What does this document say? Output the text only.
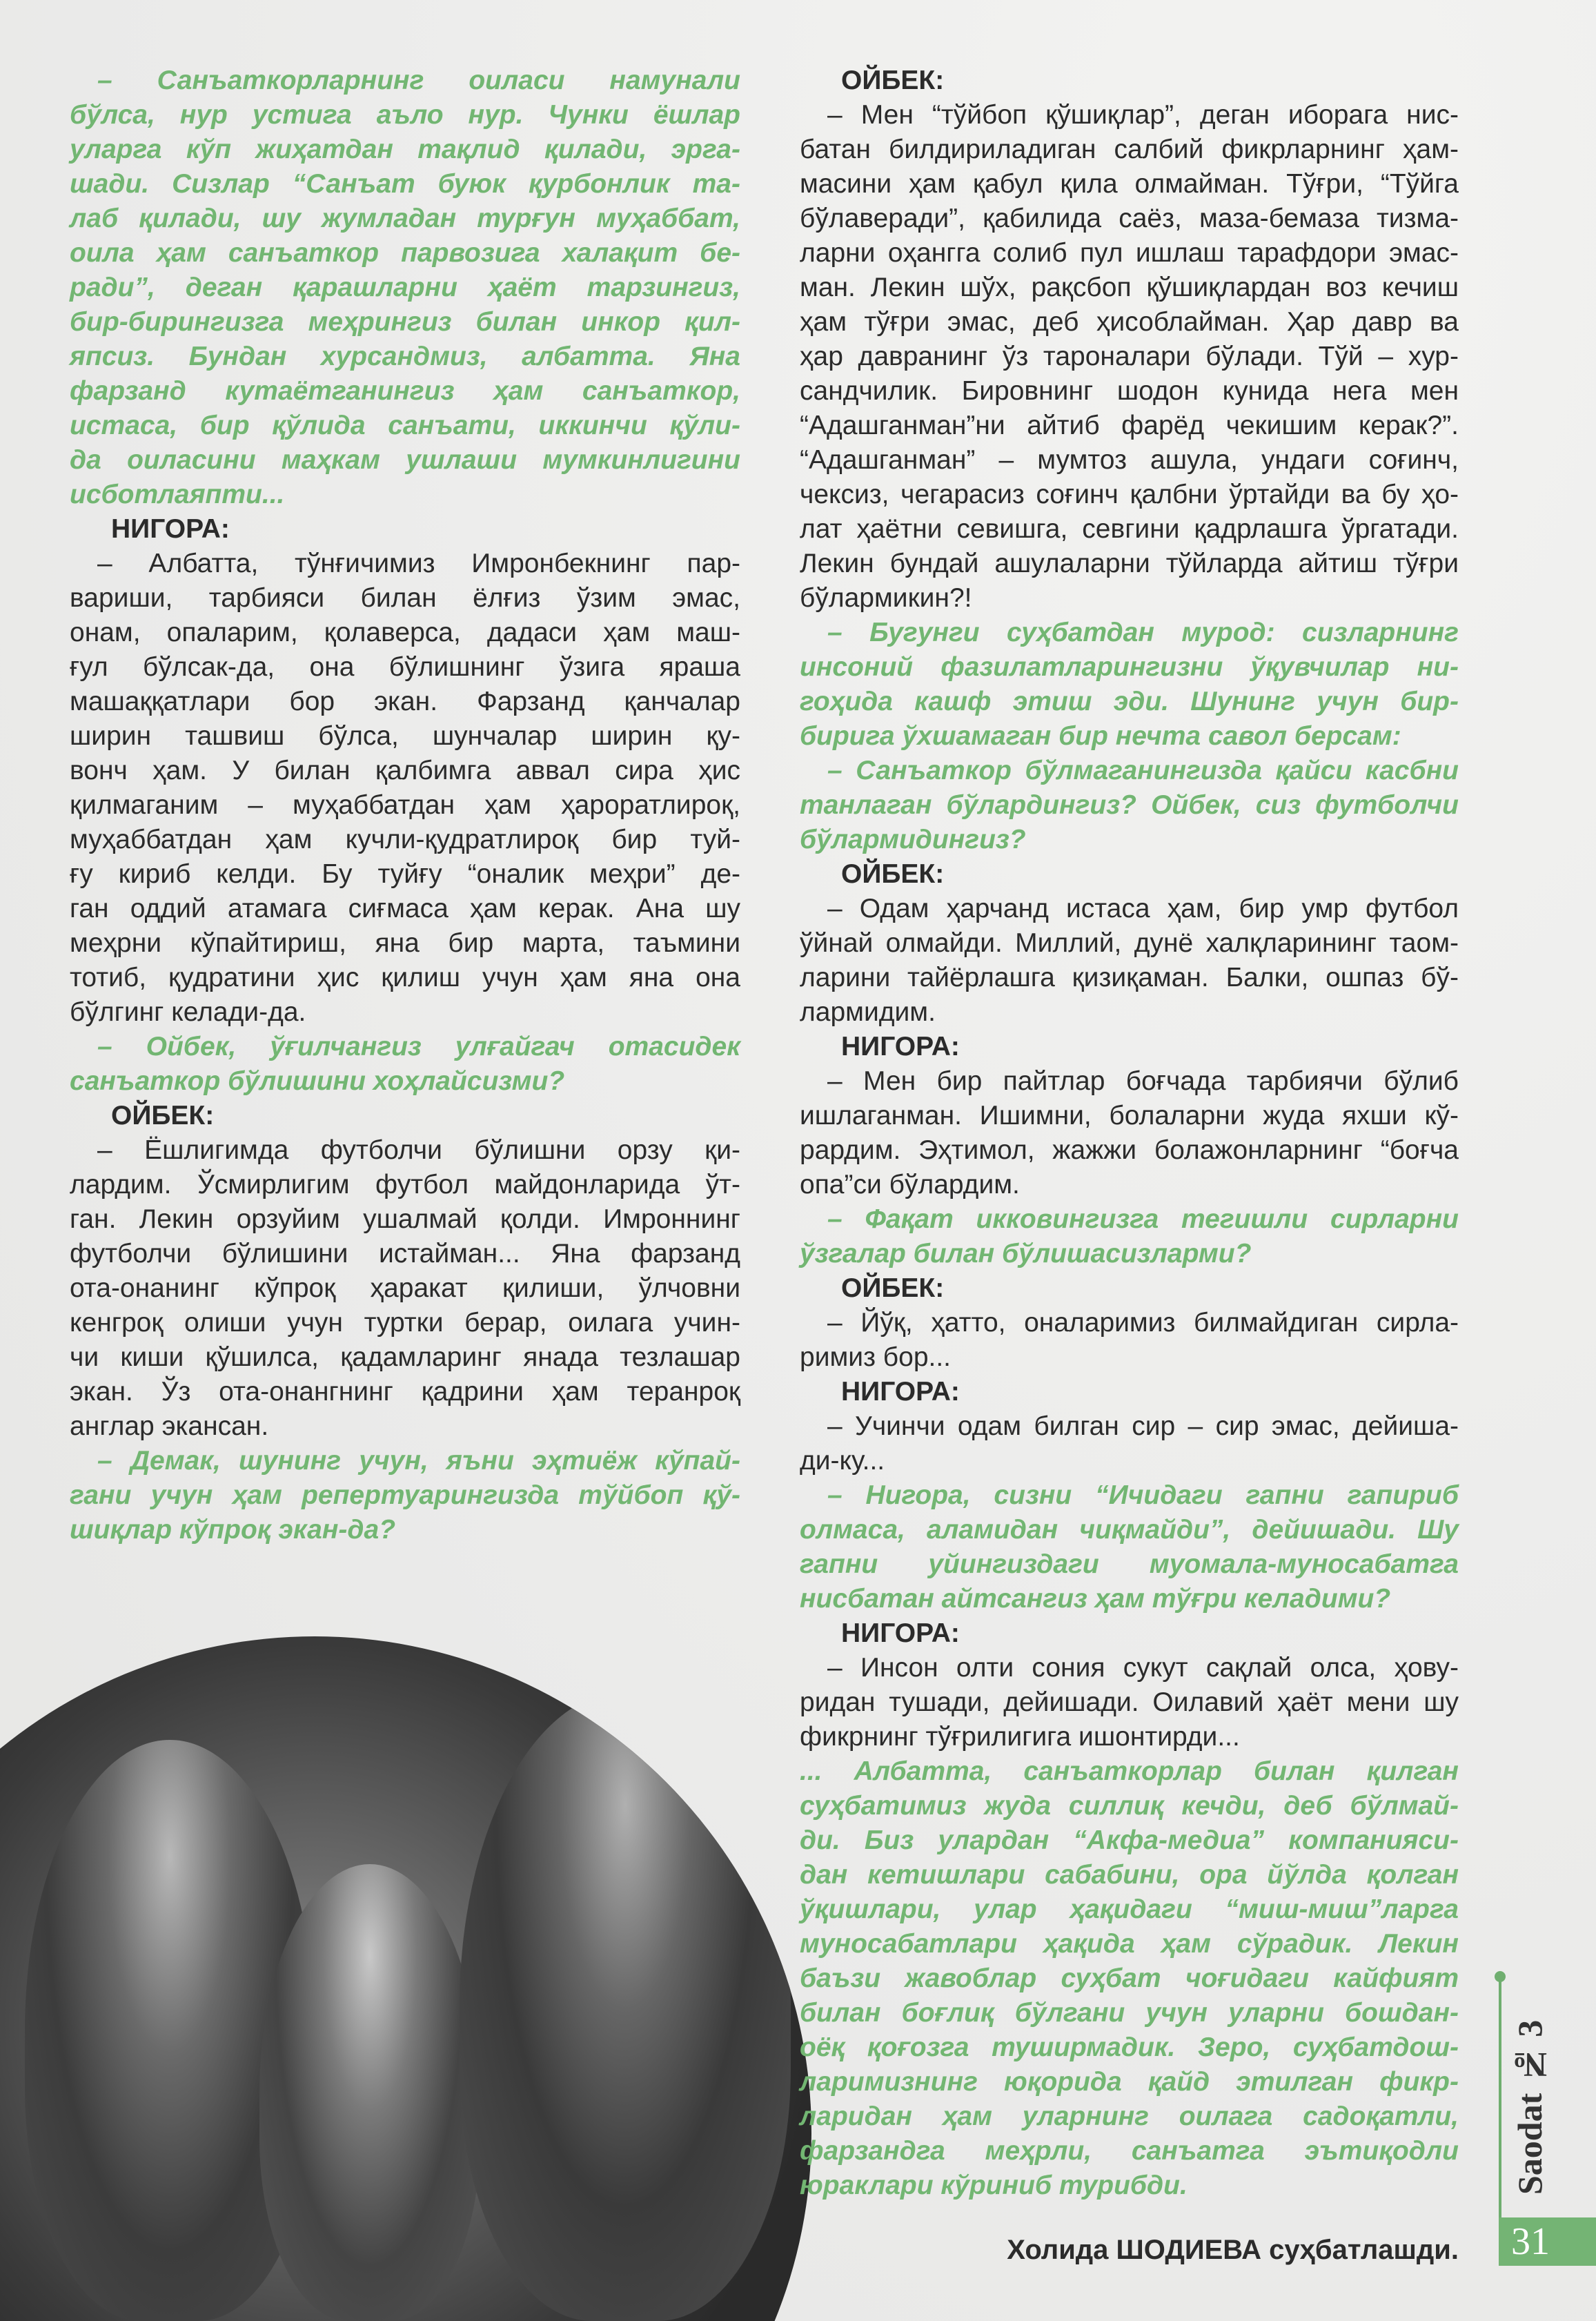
– Санъаткорларнинг оиласи намунали
бўлса, нур устига аъло нур. Чунки ёшлар
уларга кўп жиҳатдан тақлид қилади, эрга-
шади. Сизлар “Санъат буюк қурбонлик та-
лаб қилади, шу жумладан турғун муҳаббат,
оила ҳам санъаткор парвозига халақит бе-
ради”, деган қарашларни ҳаёт тарзингиз,
бир-бирингизга меҳрингиз билан инкор қил-
япсиз. Бундан хурсандмиз, албатта. Яна
фарзанд кутаётганингиз ҳам санъаткор,
истаса, бир қўлида санъати, иккинчи қўли-
да оиласини маҳкам ушлаши мумкинлигини
исботлаяпти...
НИГОРА:
– Албатта, тўнғичимиз Имронбекнинг пар-
вариши, тарбияси билан ёлғиз ўзим эмас,
онам, опаларим, қолаверса, дадаси ҳам маш-
ғул бўлсак-да, она бўлишнинг ўзига яраша
машаққатлари бор экан. Фарзанд қанчалар
ширин ташвиш бўлса, шунчалар ширин қу-
вонч ҳам. У билан қалбимга аввал сира ҳис
қилмаганим – муҳаббатдан ҳам ҳароратлироқ,
муҳаббатдан ҳам кучли-қудратлироқ бир туй-
ғу кириб келди. Бу туйғу “оналик меҳри” де-
ган оддий атамага сиғмаса ҳам керак. Ана шу
меҳрни кўпайтириш, яна бир марта, таъмини
тотиб, қудратини ҳис қилиш учун ҳам яна она
бўлгинг келади-да.
– Ойбек, ўғилчангиз улғайгач отасидек
санъаткор бўлишини хоҳлайсизми?
ОЙБЕК:
– Ёшлигимда футболчи бўлишни орзу қи-
лардим. Ўсмирлигим футбол майдонларида ўт-
ган. Лекин орзуйим ушалмай қолди. Имроннинг
футболчи бўлишини истайман... Яна фарзанд
ота-онанинг кўпроқ ҳаракат қилиши, ўлчовни
кенгроқ олиши учун туртки берар, оилага учин-
чи киши қўшилса, қадамларинг янада тезлашар
экан. Ўз ота-онангнинг қадрини ҳам теранроқ
англар экансан.
– Демак, шунинг учун, яъни эҳтиёж кўпай-
гани учун ҳам репертуарингизда тўйбоп қў-
шиқлар кўпроқ экан-да?
ОЙБЕК:
– Мен “тўйбоп қўшиқлар”, деган иборага нис-
батан билдириладиган салбий фикрларнинг ҳам-
масини ҳам қабул қила олмайман. Тўғри, “Тўйга
бўлаверади”, қабилида саёз, маза-бемаза тизма-
ларни оҳангга солиб пул ишлаш тарафдори эмас-
ман. Лекин шўх, рақсбоп қўшиқлардан воз кечиш
ҳам тўғри эмас, деб ҳисоблайман. Ҳар давр ва
ҳар давранинг ўз тароналари бўлади. Тўй – хур-
сандчилик. Бировнинг шодон кунида нега мен
“Адашганман”ни айтиб фарёд чекишим керак?”.
“Адашганман” – мумтоз ашула, ундаги соғинч,
чексиз, чегарасиз соғинч қалбни ўртайди ва бу ҳо-
лат ҳаётни севишга, севгини қадрлашга ўргатади.
Лекин бундай ашулаларни тўйларда айтиш тўғри
бўлармикин?!
– Бугунги суҳбатдан мурод: сизларнинг
инсоний фазилатларингизни ўқувчилар ни-
гоҳида кашф этиш эди. Шунинг учун бир-
бирига ўхшамаган бир нечта савол берсам:
– Санъаткор бўлмаганингизда қайси касбни
танлаган бўлардингиз? Ойбек, сиз футболчи
бўлармидингиз?
ОЙБЕК:
– Одам ҳарчанд истаса ҳам, бир умр футбол
ўйнай олмайди. Миллий, дунё халқларининг таом-
ларини тайёрлашга қизиқаман. Балки, ошпаз бў-
лармидим.
НИГОРА:
– Мен бир пайтлар боғчада тарбиячи бўлиб
ишлаганман. Ишимни, болаларни жуда яхши кў-
рардим. Эҳтимол, жажжи болажонларнинг “боғча
опа”си бўлардим.
– Фақат икковингизга тегишли сирларни
ўзгалар билан бўлишасизларми?
ОЙБЕК:
– Йўқ, ҳатто, оналаримиз билмайдиган сирла-
римиз бор...
НИГОРА:
– Учинчи одам билган сир – сир эмас, дейиша-
ди-ку...
– Нигора, сизни “Ичидаги гапни гапириб
олмаса, аламидан чиқмайди”, дейишади. Шу
гапни уйингиздаги муомала-муносабатга
нисбатан айтсангиз ҳам тўғри келадими?
НИГОРА:
– Инсон олти сония сукут сақлай олса, ҳову-
ридан тушади, дейишади. Оилавий ҳаёт мени шу
фикрнинг тўғрилигига ишонтирди...
... Албатта, санъаткорлар билан қилган
суҳбатимиз жуда силлиқ кечди, деб бўлмай-
ди. Биз улардан “Акфа-медиа” компанияси-
дан кетишлари сабабини, ора йўлда қолган
ўқишлари, улар ҳақидаги “миш-миш”ларга
муносабатлари ҳақида ҳам сўрадик. Лекин
баъзи жавоблар суҳбат чоғидаги кайфият
билан боғлиқ бўлгани учун уларни бошдан-
оёқ қоғозга туширмадик. Зеро, суҳбатдош-
ларимизнинг юқорида қайд этилган фикр-
ларидан ҳам уларнинг оилага садоқатли,
фарзандга меҳрли, санъатга эътиқодли
юраклари кўриниб турибди.	Saodat № 3
31
Холида ШОДИЕВА суҳбатлашди.
